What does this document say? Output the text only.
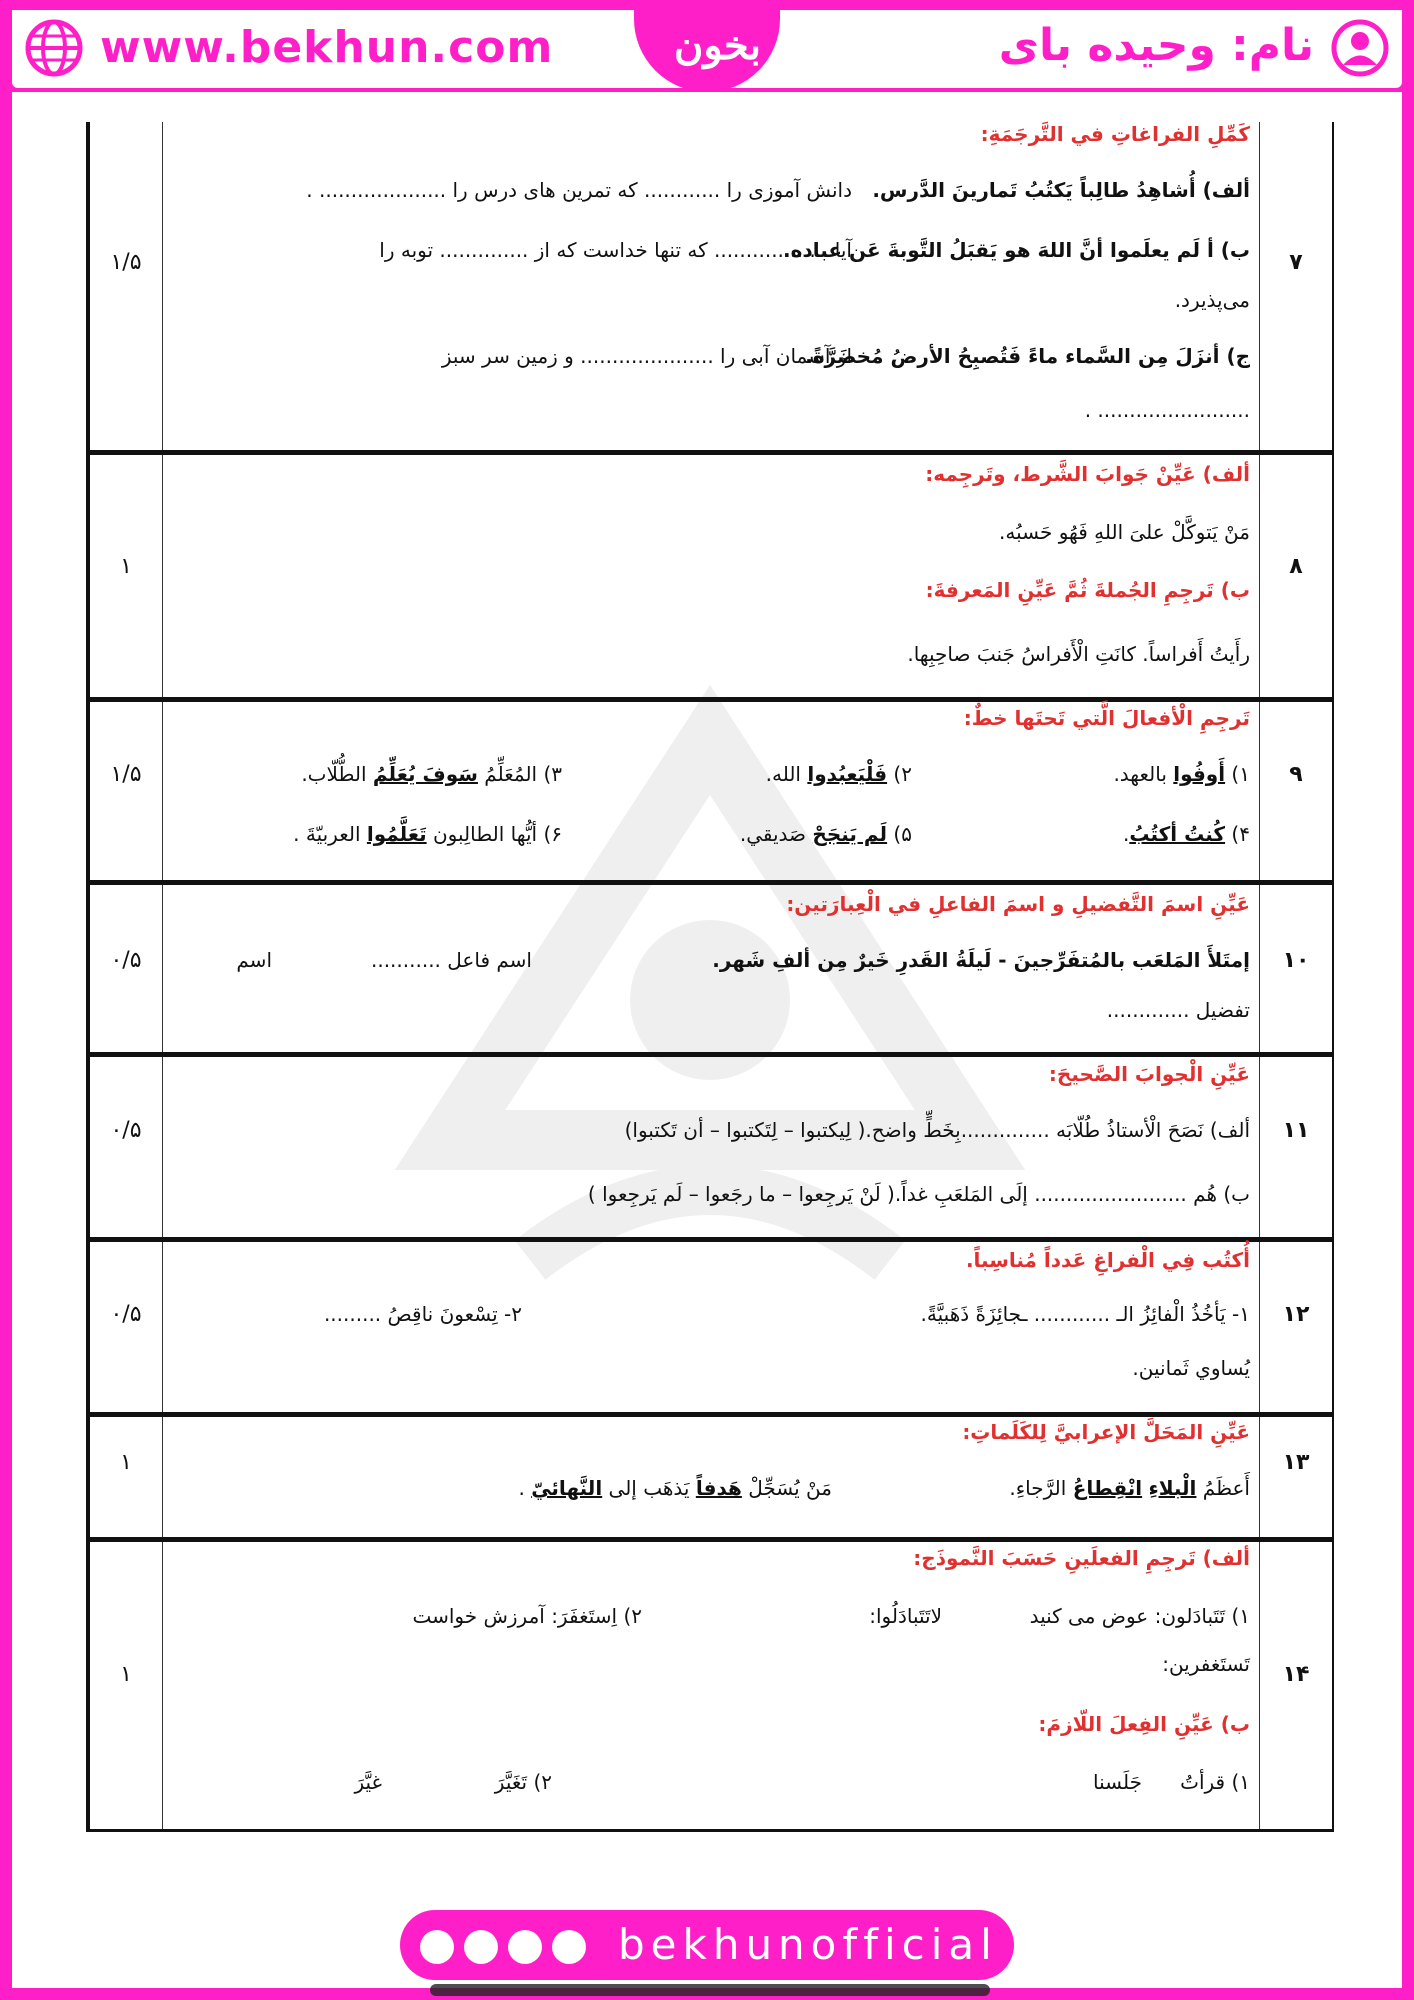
www.bekhun.com	بخون	نام: وحیده بای
۷
۱/۵
كَمِّلِ الفراغاتِ في التَّرجَمَةِ:
ألف) أُشاهِدُ طالِباً يَكتُبُ تَمارينَ الدَّرس.
دانش آموزی را ............ که تمرین های درس را .................... .
ب) أ لَم يعلَموا أنَّ اللهَ هو يَقبَلُ التَّوبةَ عَن عباده.
آیا .................. که تنها خداست که از .............. توبه را
می‌پذیرد.
ج) أنزَلَ مِن السَّماء ماءً فَتُصبِحُ الأرضُ مُخضَرَّةً.
از آسمان آبی را ..................... و زمین سر سبز
........................ .
۸
۱
ألف) عَيِّنْ جَوابَ الشَّرط، وتَرجِمه:
مَنْ يَتوكَّلْ علىَ اللهِ فَهُو حَسبُه.
ب) تَرجِمِ الجُملةَ ثُمَّ عَيِّنِ المَعرفةَ:
رأَيتُ أَفراساً. كانَتِ الْأَفراسُ جَنبَ صاحِبِها.
۹
۱/۵
تَرجِمِ الْأفعالَ الَّتي تَحتَها خطٌ:
۱) أَوفُوا بالعهد.
۲) فَلْيَعبُدوا الله.
۳) المُعَلِّمُ سَوفَ يُعَلِّمُ الطُّلّاب.
۴) كُنتُ أكتُبُ.
۵) لَم يَنجَحْ صَديقي.
۶) أيُّها الطالِبون تَعَلَّمُوا العربيّةَ .
۱۰
۰/۵
عَيِّنِ اسمَ التَّفضيلِ و اسمَ الفاعلِ في الْعِبارَتين:
إمتَلأَ المَلعَب بالمُتفَرِّجينَ - لَيلَةُ القَدرِ خَيرٌ مِن ألفِ شَهر.
اسم فاعل ...........
اسم
تفضيل .............
۱۱
۰/۵
عَيِّنِ الْجوابَ الصَّحيحَ:
ألف) نَصَحَ الْأستاذُ طُلّابَه ..............بِخَطٍّ واضح.( لِيكتبوا – لِتَكتبوا – أن تَكتبوا)
ب) هُم ........................ إلَى المَلعَبِ غداً.( لَنْ يَرجِعوا – ما رجَعوا – لَم يَرجِعوا )
۱۲
۰/۵
أُكتُب فِي الْفراغِ عَدداً مُناسِباً.
۱- يَأخُذُ الْفائِزُ الـ ............ ـجائِزَةً ذَهَبيَّةً.
۲- تِسْعونَ ناقِصُ .........
يُساوي ثَمانين.
۱۳
۱
عَيِّنِ المَحَلَّ الإعرابيَّ لِلكَلَماتِ:
أَعظَمُ الْبلاءِ انْقِطاعُ الرَّجاءِ.
مَنْ يُسَجِّلْ هَدفاً يَذهَب إلى النَّهائيّ .
۱۴
۱
ألف) تَرجِمِ الفعلَينِ حَسَبَ النَّموذَج:
۱) تَتَبادَلون: عوض می کنید
لاتَتَبادَلُوا:
۲) اِستَغفَرَ: آمرزش خواست
تَستَغفرين:
ب) عَيِّنِ الفِعلَ اللّازمَ:
۱) قرأتُ
جَلَسنا
۲) تَغَيَّرَ
غيَّرَ
bekhunofficial
